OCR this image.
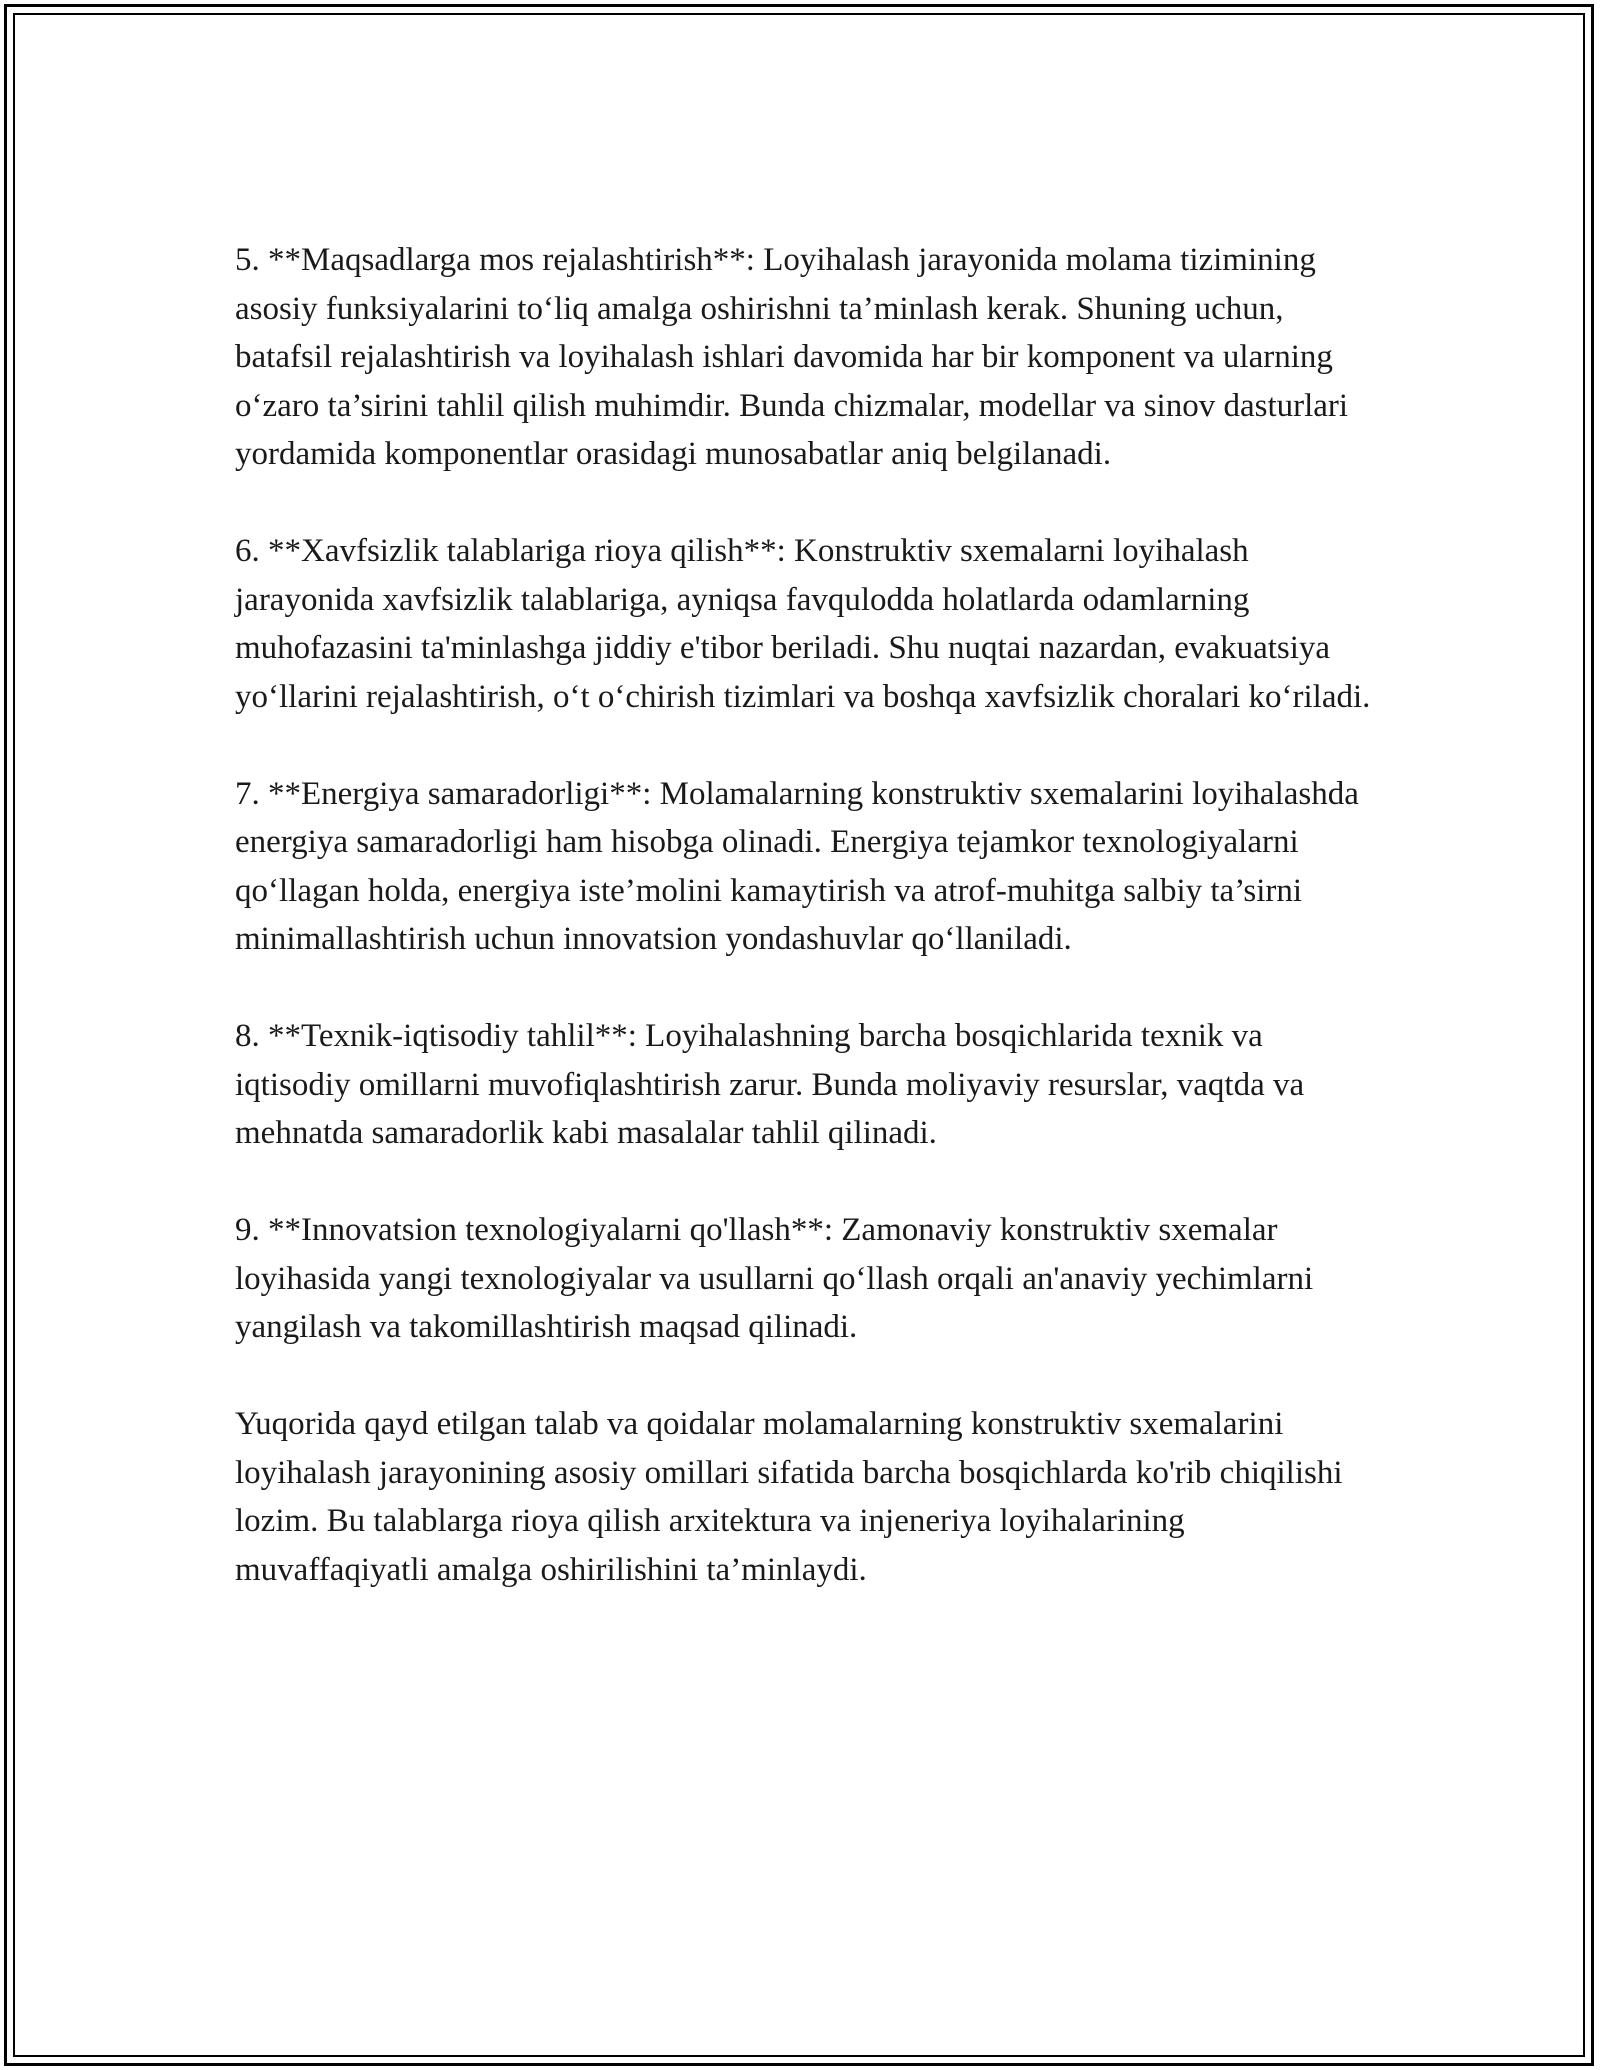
5. **Maqsadlarga mos rejalashtirish**: Loyihalash jarayonida molama tizimining asosiy funksiyalarini to‘liq amalga oshirishni ta’minlash kerak. Shuning uchun, batafsil rejalashtirish va loyihalash ishlari davomida har bir komponent va ularning o‘zaro ta’sirini tahlil qilish muhimdir. Bunda chizmalar, modellar va sinov dasturlari yordamida komponentlar orasidagi munosabatlar aniq belgilanadi.

6. **Xavfsizlik talablariga rioya qilish**: Konstruktiv sxemalarni loyihalash jarayonida xavfsizlik talablariga, ayniqsa favqulodda holatlarda odamlarning muhofazasini ta'minlashga jiddiy e'tibor beriladi. Shu nuqtai nazardan, evakuatsiya yo‘llarini rejalashtirish, o‘t o‘chirish tizimlari va boshqa xavfsizlik choralari ko‘riladi.

7. **Energiya samaradorligi**: Molamalarning konstruktiv sxemalarini loyihalashda energiya samaradorligi ham hisobga olinadi. Energiya tejamkor texnologiyalarni qo‘llagan holda, energiya iste’molini kamaytirish va atrof-muhitga salbiy ta’sirni minimallashtirish uchun innovatsion yondashuvlar qo‘llaniladi.

8. **Texnik-iqtisodiy tahlil**: Loyihalashning barcha bosqichlarida texnik va iqtisodiy omillarni muvofiqlashtirish zarur. Bunda moliyaviy resurslar, vaqtda va mehnatda samaradorlik kabi masalalar tahlil qilinadi.

9. **Innovatsion texnologiyalarni qo'llash**: Zamonaviy konstruktiv sxemalar loyihasida yangi texnologiyalar va usullarni qo‘llash orqali an'anaviy yechimlarni yangilash va takomillashtirish maqsad qilinadi.

Yuqorida qayd etilgan talab va qoidalar molamalarning konstruktiv sxemalarini loyihalash jarayonining asosiy omillari sifatida barcha bosqichlarda ko'rib chiqilishi lozim. Bu talablarga rioya qilish arxitektura va injeneriya loyihalarining muvaffaqiyatli amalga oshirilishini ta’minlaydi.
